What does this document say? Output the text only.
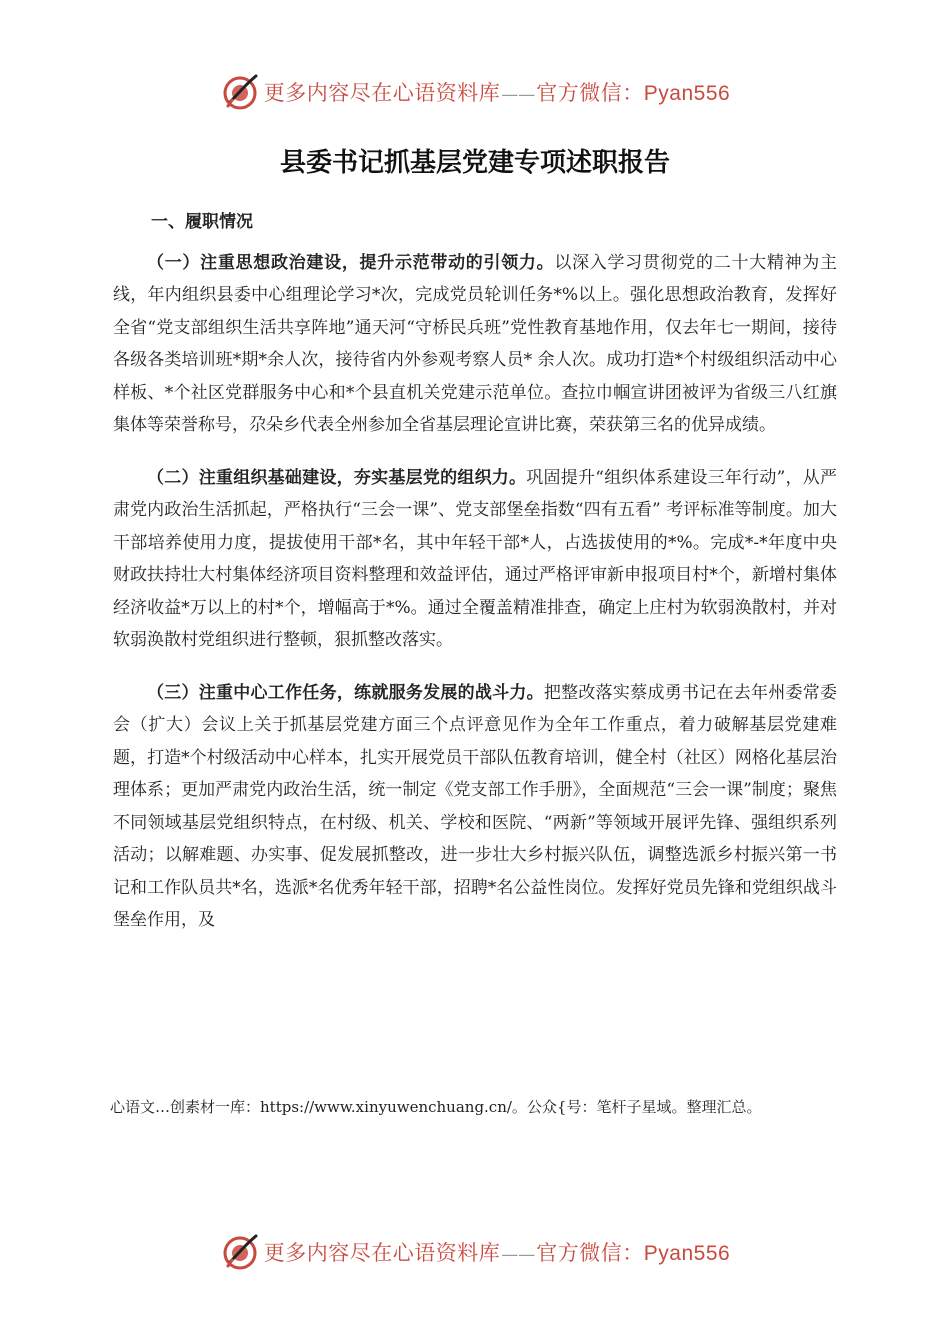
更多内容尽在心语资料库——官方微信：Pyan556
县委书记抓基层党建专项述职报告
一、履职情况

（一）注重思想政治建设，提升示范带动的引领力。以深入学习贯彻党的二十大精神为主线，年内组织县委中心组理论学习*次，完成党员轮训任务*%以上。强化思想政治教育，发挥好全省“党支部组织生活共享阵地”通天河“守桥民兵班”党性教育基地作用，仅去年七一期间，接待各级各类培训班*期*余人次，接待省内外参观考察人员* 余人次。成功打造*个村级组织活动中心样板、*个社区党群服务中心和*个县直机关党建示范单位。查拉巾帼宣讲团被评为省级三八红旗集体等荣誉称号，尕朵乡代表全州参加全省基层理论宣讲比赛，荣获第三名的优异成绩。

（二）注重组织基础建设，夯实基层党的组织力。巩固提升“组织体系建设三年行动”，从严肃党内政治生活抓起，严格执行“三会一课”、党支部堡垒指数“四有五看” 考评标准等制度。加大干部培养使用力度，提拔使用干部*名，其中年轻干部*人，占选拔使用的*%。完成*-*年度中央财政扶持壮大村集体经济项目资料整理和效益评估，通过严格评审新申报项目村*个，新增村集体经济收益*万以上的村*个，增幅高于*%。通过全覆盖精准排查，确定上庄村为软弱涣散村，并对软弱涣散村党组织进行整顿，狠抓整改落实。

（三）注重中心工作任务，练就服务发展的战斗力。把整改落实蔡成勇书记在去年州委常委会（扩大）会议上关于抓基层党建方面三个点评意见作为全年工作重点，着力破解基层党建难题，打造*个村级活动中心样本，扎实开展党员干部队伍教育培训，健全村（社区）网格化基层治理体系；更加严肃党内政治生活，统一制定《党支部工作手册》，全面规范“三会一课”制度；聚焦不同领域基层党组织特点，在村级、机关、学校和医院、“两新”等领域开展评先锋、强组织系列活动；以解难题、办实事、促发展抓整改，进一步壮大乡村振兴队伍，调整选派乡村振兴第一书记和工作队员共*名，选派*名优秀年轻干部，招聘*名公益性岗位。发挥好党员先锋和党组织战斗堡垒作用，及

心语文…创素材一库：https://www.xinyuwenchuang.cn/。公众{号：笔杆子星域。整理汇总。
更多内容尽在心语资料库——官方微信：Pyan556
